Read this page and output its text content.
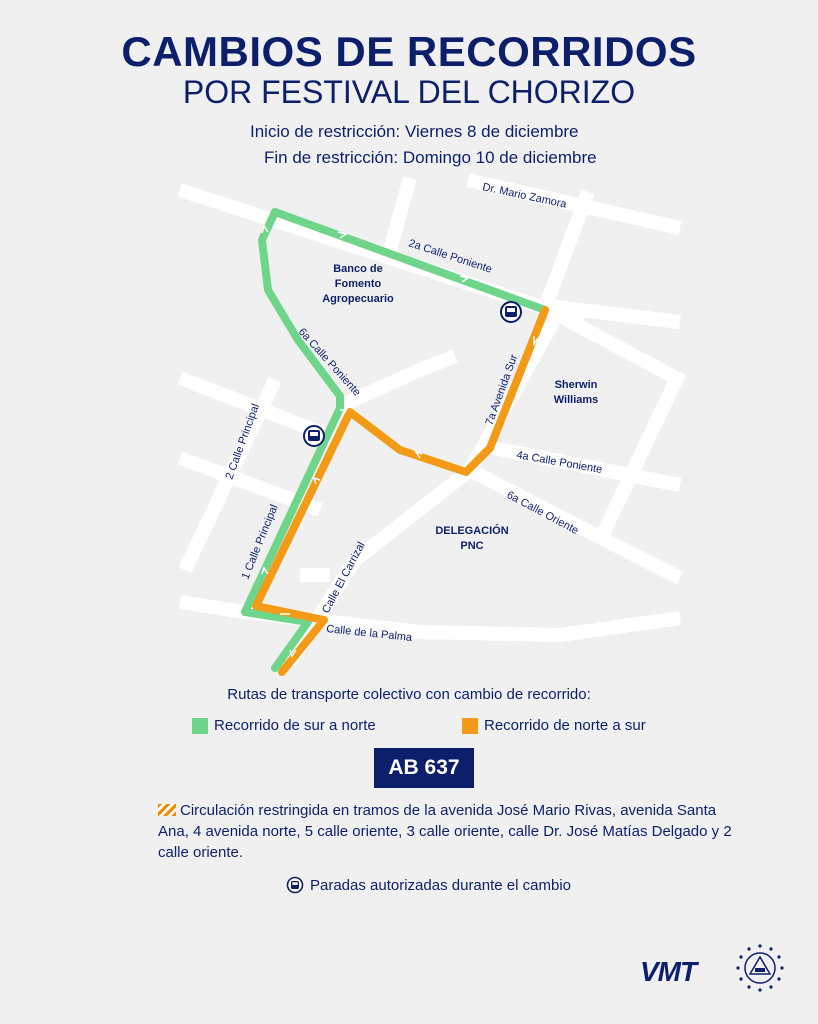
CAMBIOS DE RECORRIDOS
POR FESTIVAL DEL CHORIZO
Inicio de restricción: Viernes 8 de diciembre
Fin de restricción: Domingo 10 de diciembre
Dr. Mario Zamora
2a Calle Poniente
6a Calle Poniente	7a Avenida Sur
4a Calle Poniente
6a Calle Oriente
2 Calle Principal
1 Calle Principal	Calle El Carrizal
Calle de la Palma
Banco de
Fomento
Agropecuario
Sherwin
Williams
DELEGACIÓN
PNC
Rutas de transporte colectivo con cambio de recorrido:
Recorrido de sur a norte	Recorrido de norte a sur
AB 637
Circulación restringida en tramos de la avenida José Mario Rivas, avenida Santa Ana, 4 avenida norte, 5 calle oriente, 3 calle oriente, calle Dr. José Matías Delgado y 2 calle oriente.
Paradas autorizadas durante el cambio
VMT
